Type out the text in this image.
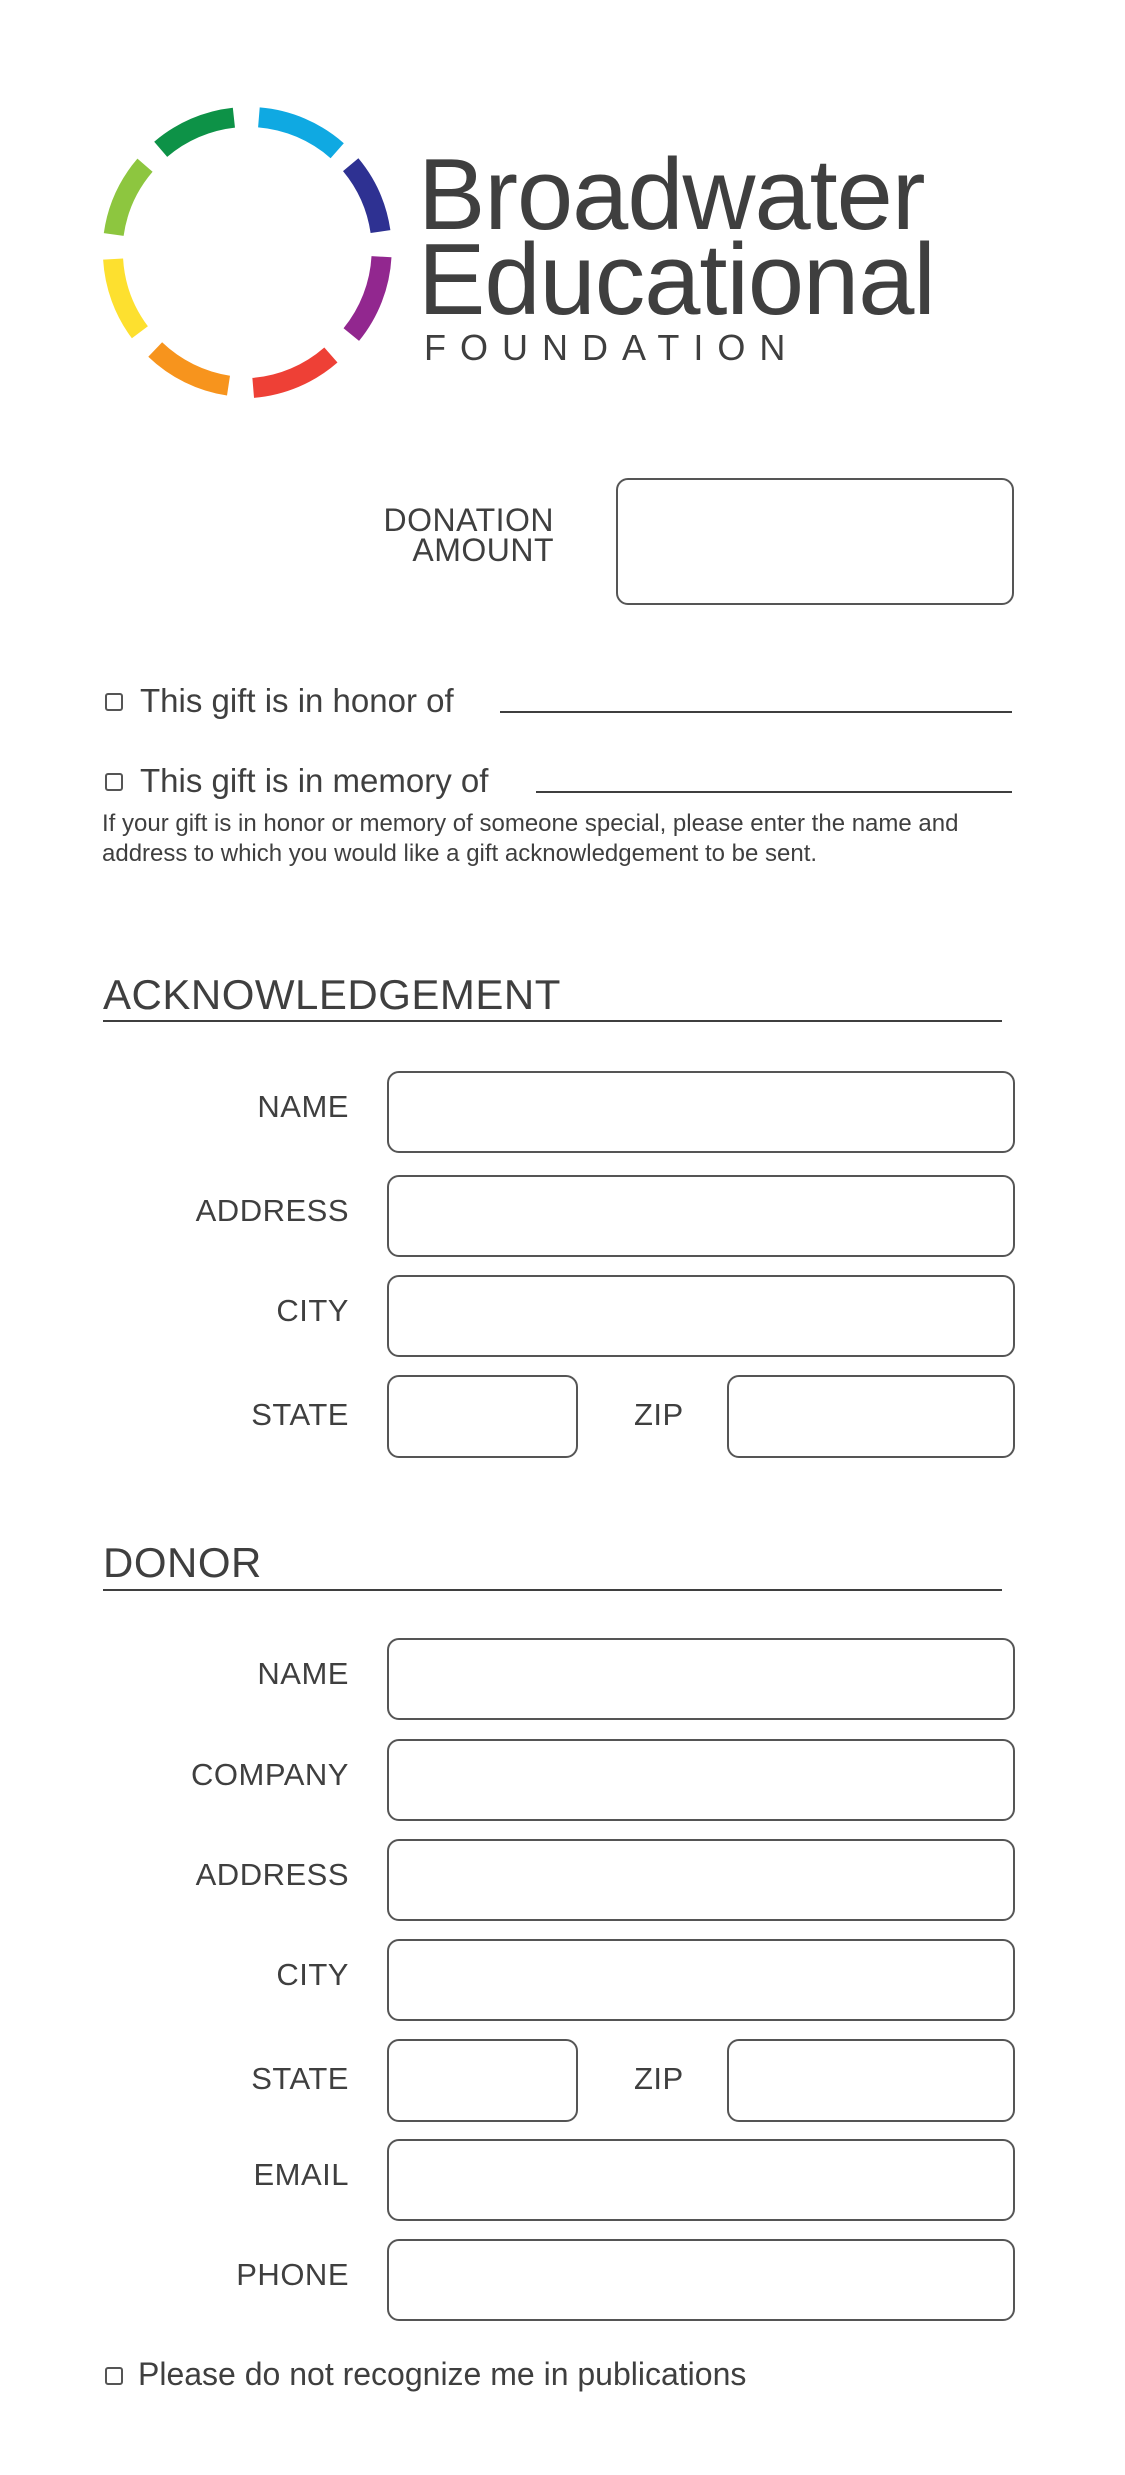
Broadwater
Educational
FOUNDATION
DONATION
AMOUNT
This gift is in honor of
This gift is in memory of
If your gift is in honor or memory of someone special, please enter the name and address to which you would like a gift acknowledgement to be sent.
ACKNOWLEDGEMENT
NAME
ADDRESS
CITY
STATE	ZIP
DONOR
NAME
COMPANY
ADDRESS
CITY
STATE	ZIP
EMAIL
PHONE
Please do not recognize me in publications
